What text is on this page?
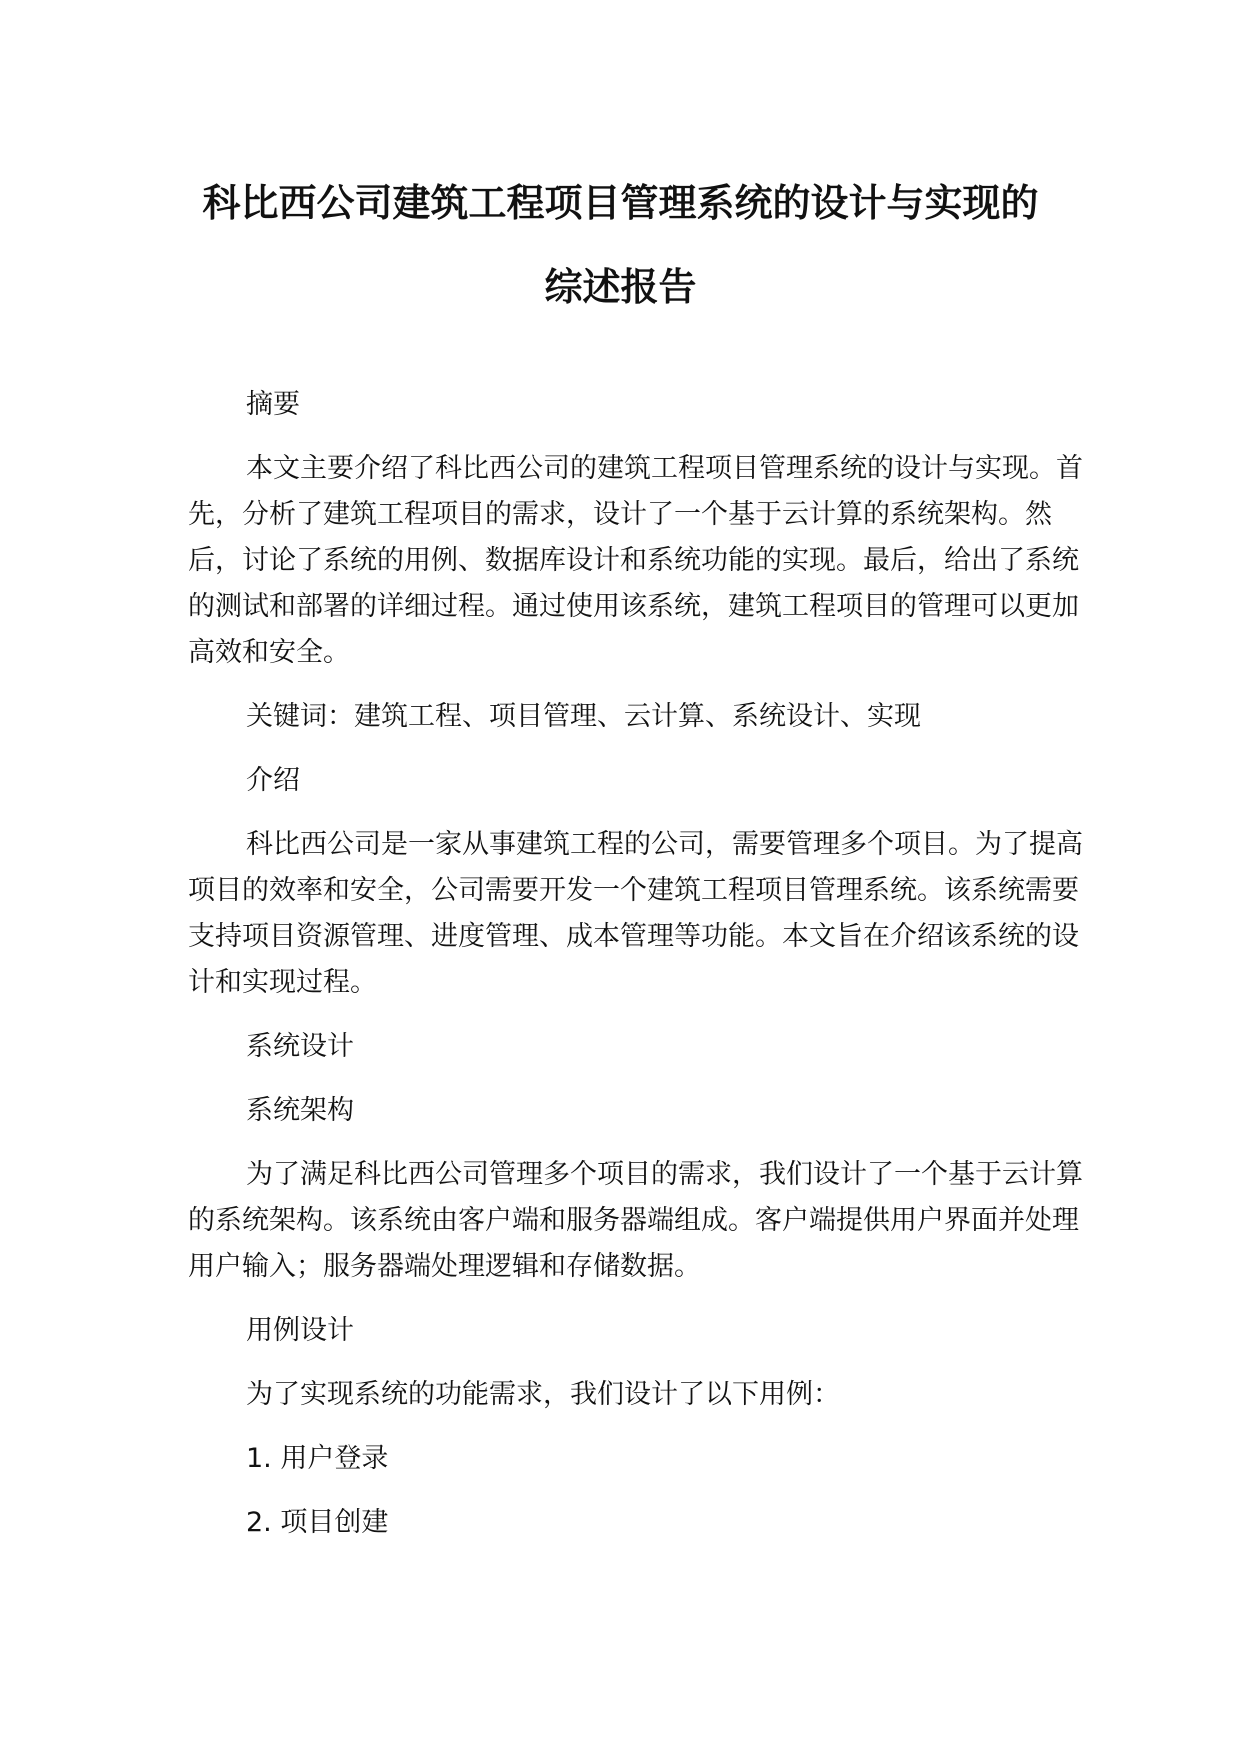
科比西公司建筑工程项目管理系统的设计与实现的
综述报告

摘要

本文主要介绍了科比西公司的建筑工程项目管理系统的设计与实现。首先，分析了建筑工程项目的需求，设计了一个基于云计算的系统架构。然后，讨论了系统的用例、数据库设计和系统功能的实现。最后，给出了系统的测试和部署的详细过程。通过使用该系统，建筑工程项目的管理可以更加高效和安全。

关键词：建筑工程、项目管理、云计算、系统设计、实现

介绍

科比西公司是一家从事建筑工程的公司，需要管理多个项目。为了提高项目的效率和安全，公司需要开发一个建筑工程项目管理系统。该系统需要支持项目资源管理、进度管理、成本管理等功能。本文旨在介绍该系统的设计和实现过程。

系统设计

系统架构

为了满足科比西公司管理多个项目的需求，我们设计了一个基于云计算的系统架构。该系统由客户端和服务器端组成。客户端提供用户界面并处理用户输入；服务器端处理逻辑和存储数据。

用例设计

为了实现系统的功能需求，我们设计了以下用例：

1. 用户登录

2. 项目创建
